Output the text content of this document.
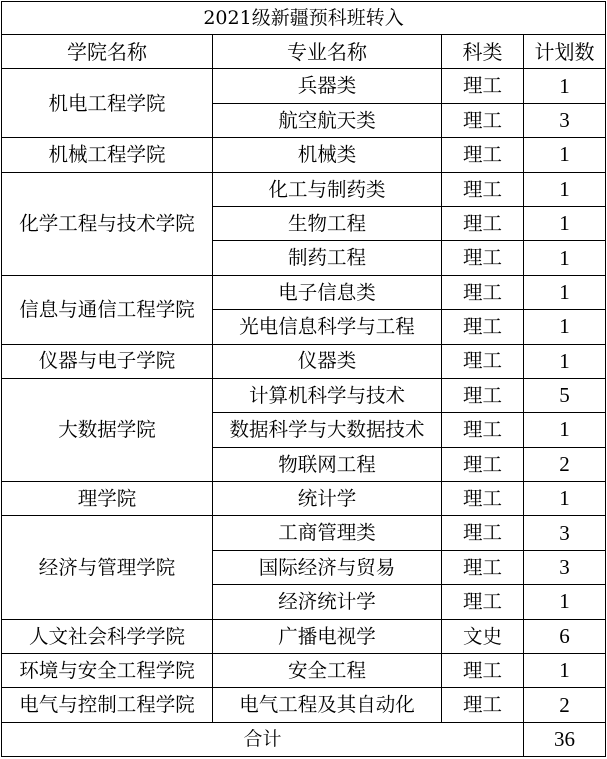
2021级新疆预科班转入			
学院名称	专业名称	科类	计划数
机电工程学院	兵器类	理工	1
	航空航天类	理工	3
机械工程学院	机械类	理工	1
化学工程与技术学院	化工与制药类	理工	1
	生物工程	理工	1
	制药工程	理工	1
信息与通信工程学院	电子信息类	理工	1
	光电信息科学与工程	理工	1
仪器与电子学院	仪器类	理工	1
大数据学院	计算机科学与技术	理工	5
	数据科学与大数据技术	理工	1
	物联网工程	理工	2
理学院	统计学	理工	1
经济与管理学院	工商管理类	理工	3
	国际经济与贸易	理工	3
	经济统计学	理工	1
人文社会科学学院	广播电视学	文史	6
环境与安全工程学院	安全工程	理工	1
电气与控制工程学院	电气工程及其自动化	理工	2
合计			36
